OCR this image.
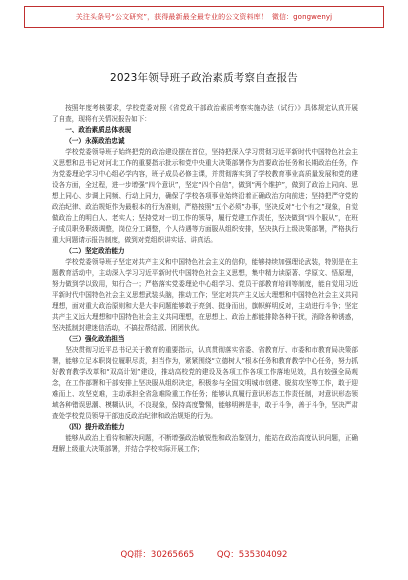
关注头条号“公文研究”，获得最新最全最专业的公文资料库！ 微信：gongwenyj
2023年领导班子政治素质考察自查报告

按照年度考核要求，学校党委对照《省党政干部政治素质考察实施办法（试行）》具体规定认真开展了自查，现将有关情况报告如下：

一、政治素质总体表现
（一）永葆政治忠诚

学校党委领导班子始终把党的政治建设摆在首位，坚持把深入学习贯彻习近平新时代中国特色社会主义思想和总书记对河北工作的重要指示批示和党中央重大决策部署作为首要政治任务和长期政治任务，作为党委理论学习中心组必学内容，班子成员必修主课，并贯彻落实到了学校教育事业高质量发展和党的建设各方面，全过程，进一步增强“四个意识”，坚定“四个自信”，做到“两个维护”，做到了政治上同向、思想上同心、步调上同频、行动上同力，确保了学校各项事业始终沿着正确政治方向前进；坚持把严守党的政治纪律、政治规矩作为最根本的行为准则，严格按照“五个必须”办事，坚决反对“七个有之”现象，自觉做政治上的明白人、老实人；坚持党对一切工作的领导，履行党建工作责任，坚决做到“四个服从”，在班子成员职务职级调整，岗位分工调整，个人待遇等方面服从组织安排，坚决执行上级决策部署，严格执行重大问题请示报告制度，做到对党组织讲实话、讲真话。

（二）坚定政治能力

学校党委领导班子坚定对共产主义和中国特色社会主义的信仰，能够持续加强理论武装，特别是在主题教育活动中，主动深入学习习近平新时代中国特色社会主义思想，集中精力读原著、学原文、悟原理，努力做到学以致用，知行合一；严格落实党委理论中心组学习、党员干部教育培训等制度，能自觉用习近平新时代中国特色社会主义思想武装头脑，推动工作；坚定对共产主义远大理想和中国特色社会主义共同理想，面对重大政治原则和大是大非问题能够敢于亮剑、挺身而出，旗帜鲜明反对，主动进行斗争；坚定共产主义远大理想和中国特色社会主义共同理想，在思想上、政治上都能排除各种干扰，消除各种诱惑，坚决抵制封建迷信活动，不搞拉帮结派、团团伙伙。

（三）强化政治担当

坚决贯彻习近平总书记关于教育的重要指示，认真贯彻落实省委、省教育厅、市委和市教育局决策部署，能够立足本职岗位履职尽责，担当作为，紧紧围绕“立德树人”根本任务和教育教学中心任务，努力抓好教育教学改革和“双高计划”建设，推动高校党的建设及各项工作各项工作落地见效，具有较强全局观念，在工作部署和干部安排上坚决服从组织决定，积极参与全国文明城市创建、脱贫攻坚等工作，敢于迎难而上、攻坚克难，主动承担全省急难险重工作任务；能够认真履行意识形态工作责任制，对意识形态领域各种错误思潮、模糊认识，不良现象，保持高度警惕，能够明辨是非，敢于斗争，善于斗争，坚决严肃查处学校党员领导干部违反政治纪律和政治规矩的行为。

（四）提升政治能力

能够从政治上看待和解决问题，不断增强政治敏锐性和政治鉴别力，能站在政治高度认识问题，正确理解上级重大决策部署，并结合学校实际开展工作；

QQ群：30265665	QQ：535304092
